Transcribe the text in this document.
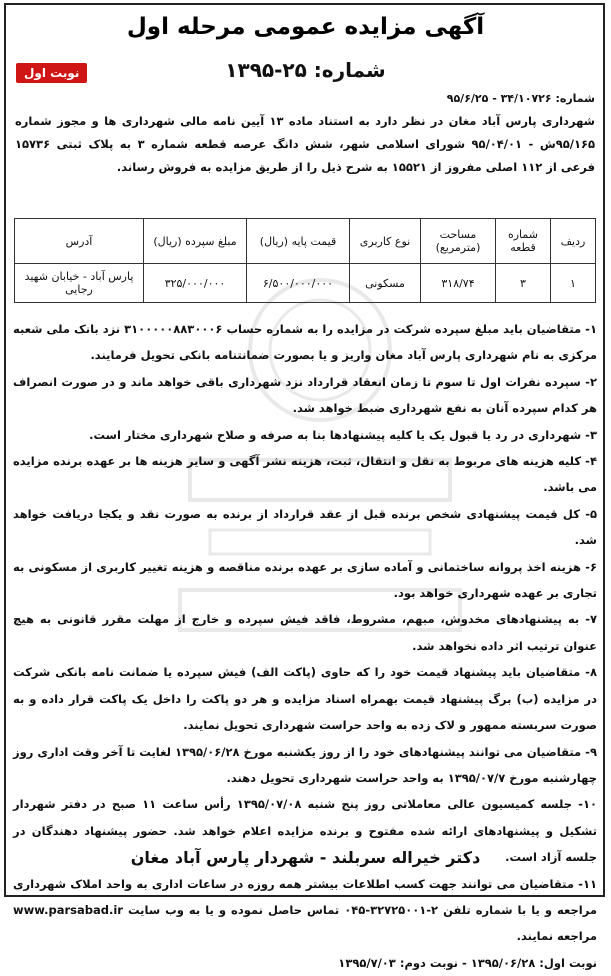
آگهی مزایده عمومی مرحله اول
شماره: ۲۵-۱۳۹۵
نوبت اول
شماره: ۳۴/۱۰۷۲۶ - ۹۵/۶/۲۵
شهرداری پارس آباد مغان در نظر دارد به استناد ماده ۱۳ آیین نامه مالی شهرداری ها و مجوز شماره ۹۵/۱۶۵ش - ۹۵/۰۴/۰۱ شورای اسلامی شهر، شش دانگ عرصه قطعه شماره ۳ به پلاک ثبتی ۱۵۷۳۶ فرعی از ۱۱۲ اصلی مفروز از ۱۵۵۲۱ به شرح ذیل را از طریق مزایده به فروش رساند.
ردیف	شماره قطعه	مساحت (مترمربع)	نوع کاربری	قیمت پایه (ریال)	مبلغ سپرده (ریال)	آدرس
۱	۳	۳۱۸/۷۴	مسکونی	۶/۵۰۰/۰۰۰/۰۰۰	۳۲۵/۰۰۰/۰۰۰	پارس آباد - خیابان شهید رجایی

۱- متقاضیان باید مبلغ سپرده شرکت در مزایده را به شماره حساب ۳۱۰۰۰۰۰۸۸۳۰۰۰۶ نزد بانک ملی شعبه مرکزی به نام شهرداری پارس آباد مغان واریز و یا بصورت ضمانتنامه بانکی تحویل فرمایند.

۲- سپرده نفرات اول تا سوم تا زمان انعقاد قرارداد نزد شهرداری باقی خواهد ماند و در صورت انصراف هر کدام سپرده آنان به نفع شهرداری ضبط خواهد شد.

۳- شهرداری در رد یا قبول یک یا کلیه پیشنهادها بنا به صرفه و صلاح شهرداری مختار است.

۴- کلیه هزینه های مربوط به نقل و انتقال، ثبت، هزینه نشر آگهی و سایر هزینه ها بر عهده برنده مزایده می باشد.

۵- کل قیمت پیشنهادی شخص برنده قبل از عقد قرارداد از برنده به صورت نقد و یکجا دریافت خواهد شد.

۶- هزینه اخذ پروانه ساختمانی و آماده سازی بر عهده برنده مناقصه و هزینه تغییر کاربری از مسکونی به تجاری بر عهده شهرداری خواهد بود.

۷- به پیشنهادهای مخدوش، مبهم، مشروط، فاقد فیش سپرده و خارج از مهلت مقرر قانونی به هیچ عنوان ترتیب اثر داده نخواهد شد.

۸- متقاضیان باید پیشنهاد قیمت خود را که حاوی (پاکت الف) فیش سپرده یا ضمانت نامه بانکی شرکت در مزایده (ب) برگ پیشنهاد قیمت بهمراه اسناد مزایده و هر دو پاکت را داخل یک پاکت قرار داده و به صورت سربسته ممهور و لاک زده به واحد حراست شهرداری تحویل نمایند.

۹- متقاضیان می توانند پیشنهادهای خود را از روز یکشنبه مورخ ۱۳۹۵/۰۶/۲۸ لغایت تا آخر وقت اداری روز چهارشنبه مورخ ۱۳۹۵/۰۷/۷ به واحد حراست شهرداری تحویل دهند.

۱۰- جلسه کمیسیون عالی معاملاتی روز پنج شنبه ۱۳۹۵/۰۷/۰۸ رأس ساعت ۱۱ صبح در دفتر شهردار تشکیل و پیشنهادهای ارائه شده مفتوح و برنده مزایده اعلام خواهد شد. حضور پیشنهاد دهندگان در جلسه آزاد است.

۱۱- متقاضیان می توانند جهت کسب اطلاعات بیشتر همه روزه در ساعات اداری به واحد املاک شهرداری مراجعه و یا با شماره تلفن ۲-۳۲۷۲۵۰۰۱-۰۴۵ تماس حاصل نموده و یا به وب سایت www.parsabad.ir مراجعه نمایند.

نوبت اول: ۱۳۹۵/۰۶/۲۸ - نوبت دوم: ۱۳۹۵/۷/۰۳

دکتر خیراله سربلند - شهردار پارس آباد مغان
